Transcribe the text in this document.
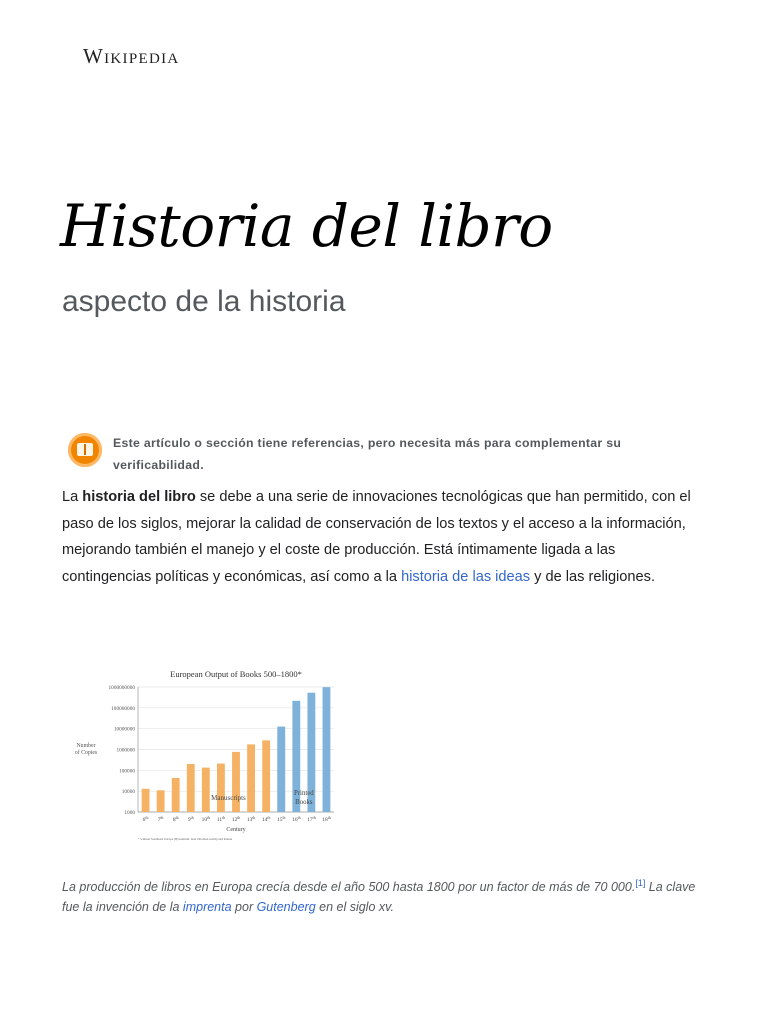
Wikipedia
Historia del libro
aspecto de la historia
Este artículo o sección tiene referencias, pero necesita más para complementar su
verificabilidad.
La historia del libro se debe a una serie de innovaciones tecnológicas que han permitido, con el paso de los siglos, mejorar la calidad de conservación de los textos y el acceso a la información, mejorando también el manejo y el coste de producción. Está íntimamente ligada a las contingencias políticas y económicas, así como a la historia de las ideas y de las religiones.
European Output of Books 500–1800*
1000
10000
100000
1000000
10000000
100000000
1000000000
Number
of Copies
6th 7th 8th 9th 10th 11th 12th 13th 14th 15th 16th 17th 18th
Manuscripts
Printed
Books
Century
* without Southeast Europe (Byzantium, later Ottoman realm) and Russia
La producción de libros en Europa crecía desde el año 500 hasta 1800 por un factor de más de 70 000.[1] La clave fue la invención de la imprenta por Gutenberg en el siglo xv.
